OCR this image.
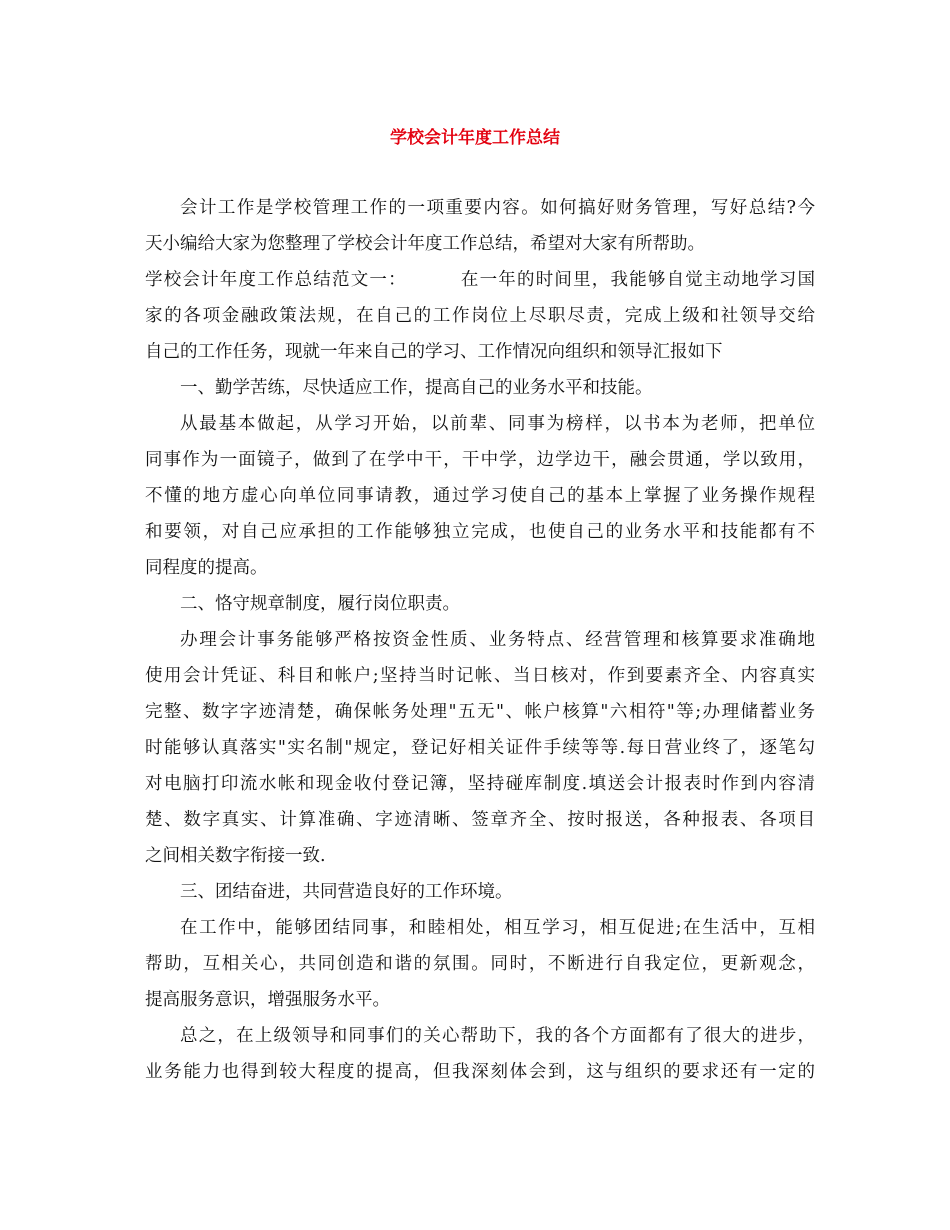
学校会计年度工作总结

会计工作是学校管理工作的一项重要内容。如何搞好财务管理，写好总结?今

天小编给大家为您整理了学校会计年度工作总结，希望对大家有所帮助。

学校会计年度工作总结范文一：        在一年的时间里，我能够自觉主动地学习国

家的各项金融政策法规，在自己的工作岗位上尽职尽责，完成上级和社领导交给

自己的工作任务，现就一年来自己的学习、工作情况向组织和领导汇报如下

一、勤学苦练，尽快适应工作，提高自己的业务水平和技能。

从最基本做起，从学习开始，以前辈、同事为榜样，以书本为老师，把单位

同事作为一面镜子，做到了在学中干，干中学，边学边干，融会贯通，学以致用，

不懂的地方虚心向单位同事请教，通过学习使自己的基本上掌握了业务操作规程

和要领，对自己应承担的工作能够独立完成，也使自己的业务水平和技能都有不

同程度的提高。

二、恪守规章制度，履行岗位职责。

办理会计事务能够严格按资金性质、业务特点、经营管理和核算要求准确地

使用会计凭证、科目和帐户;坚持当时记帐、当日核对，作到要素齐全、内容真实

完整、数字字迹清楚，确保帐务处理"五无"、帐户核算"六相符"等;办理储蓄业务

时能够认真落实"实名制"规定，登记好相关证件手续等等.每日营业终了，逐笔勾

对电脑打印流水帐和现金收付登记簿，坚持碰库制度.填送会计报表时作到内容清

楚、数字真实、计算准确、字迹清晰、签章齐全、按时报送，各种报表、各项目

之间相关数字衔接一致.

三、团结奋进，共同营造良好的工作环境。

在工作中，能够团结同事，和睦相处，相互学习，相互促进;在生活中，互相

帮助，互相关心，共同创造和谐的氛围。同时，不断进行自我定位，更新观念，

提高服务意识，增强服务水平。

总之，在上级领导和同事们的关心帮助下，我的各个方面都有了很大的进步，

业务能力也得到较大程度的提高，但我深刻体会到，这与组织的要求还有一定的
